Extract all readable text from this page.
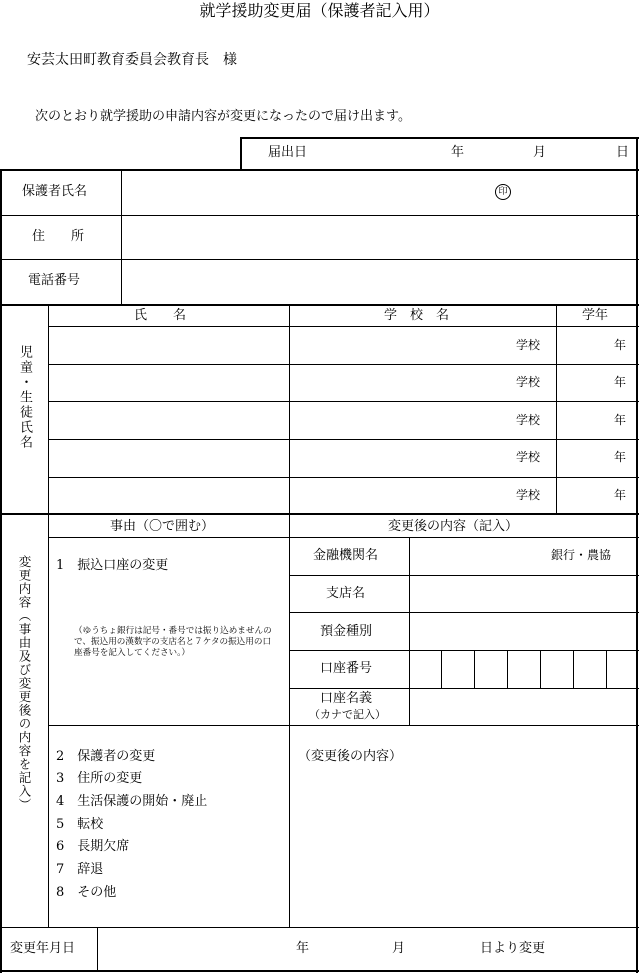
就学援助変更届（保護者記入用）
安芸太田町教育委員会教育長　様
次のとおり就学援助の申請内容が変更になったので届け出ます。
届出日	年	月	日
保護者氏名	印
住　　所
電話番号
児童・生徒氏名
氏　　名	学　校　名	学年
学校	年
学校	年
学校	年
学校	年
学校	年
変更内容（事由及び変更後の内容を記入）
事由（〇で囲む）	変更後の内容（記入）
1　振込口座の変更
（ゆうちょ銀行は記号・番号では振り込めませんので、振込用の漢数字の支店名と７ケタの振込用の口座番号を記入してください。）
金融機関名	銀行・農協
支店名
預金種別
口座番号
口座名義
（カナで記入）
2　保護者の変更
3　住所の変更
4　生活保護の開始・廃止
5　転校
6　長期欠席
7　辞退
8　その他
（変更後の内容）
変更年月日	年	月	日より変更
